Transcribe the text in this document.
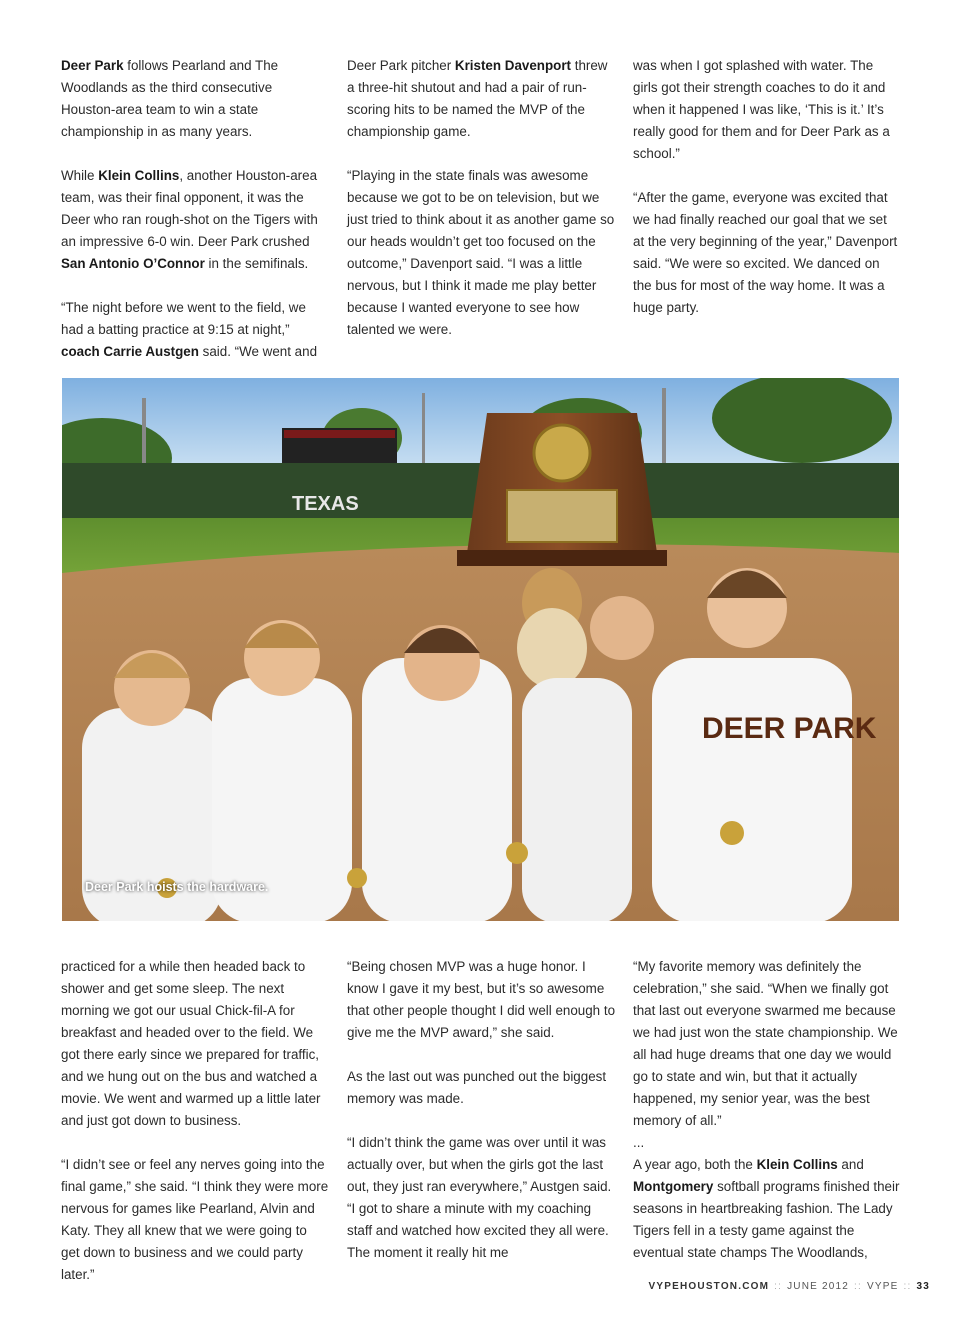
Deer Park follows Pearland and The Woodlands as the third consecutive Houston-area team to win a state championship in as many years.

While Klein Collins, another Houston-area team, was their final opponent, it was the Deer who ran rough-shot on the Tigers with an impressive 6-0 win. Deer Park crushed San Antonio O’Connor in the semifinals.

“The night before we went to the field, we had a batting practice at 9:15 at night,” coach Carrie Austgen said. “We went and

Deer Park pitcher Kristen Davenport threw a three-hit shutout and had a pair of run-scoring hits to be named the MVP of the championship game.

“Playing in the state finals was awesome because we got to be on television, but we just tried to think about it as another game so our heads wouldn’t get too focused on the outcome,” Davenport said. “I was a little nervous, but I think it made me play better because I wanted everyone to see how talented we were.

was when I got splashed with water. The girls got their strength coaches to do it and when it happened I was like, ‘This is it.’ It’s really good for them and for Deer Park as a school.”

“After the game, everyone was excited that we had finally reached our goal that we set at the very beginning of the year,” Davenport said. “We were so excited. We danced on the bus for most of the way home. It was a huge party.

TEXAS
DEER PARK
Deer Park hoists the hardware.

practiced for a while then headed back to shower and get some sleep. The next morning we got our usual Chick-fil-A for breakfast and headed over to the field. We got there early since we prepared for traffic, and we hung out on the bus and watched a movie. We went and warmed up a little later and just got down to business.

“I didn’t see or feel any nerves going into the final game,” she said. “I think they were more nervous for games like Pearland, Alvin and Katy. They all knew that we were going to get down to business and we could party later.”

“Being chosen MVP was a huge honor. I know I gave it my best, but it’s so awesome that other people thought I did well enough to give me the MVP award,” she said.

As the last out was punched out the biggest memory was made.

“I didn’t think the game was over until it was actually over, but when the girls got the last out, they just ran everywhere,” Austgen said. “I got to share a minute with my coaching staff and watched how excited they all were. The moment it really hit me

“My favorite memory was definitely the celebration,” she said. “When we finally got that last out everyone swarmed me because we had just won the state championship. We all had huge dreams that one day we would go to state and win, but that it actually happened, my senior year, was the best memory of all.”

...

A year ago, both the Klein Collins and Montgomery softball programs finished their seasons in heartbreaking fashion. The Lady Tigers fell in a testy game against the eventual state champs The Woodlands,

VYPEHOUSTON.COM :: JUNE 2012 :: VYPE :: 33
